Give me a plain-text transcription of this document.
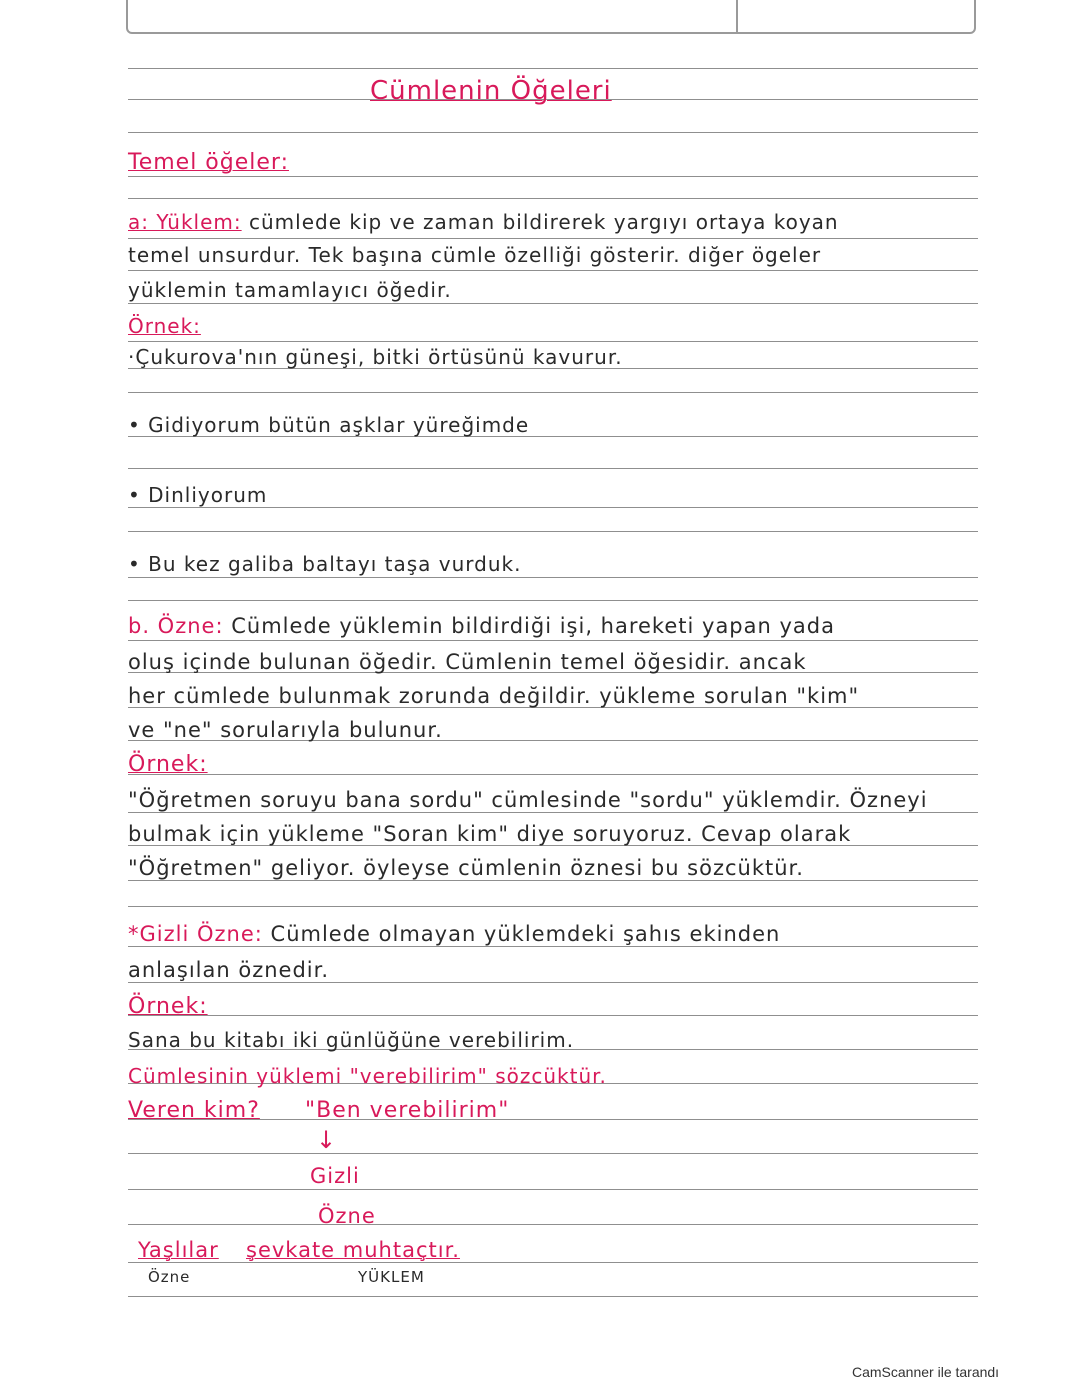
Cümlenin Öğeleri
Temel öğeler:
a: Yüklem: cümlede kip ve zaman bildirerek yargıyı ortaya koyan
temel unsurdur. Tek başına cümle özelliği gösterir. diğer ögeler
yüklemin tamamlayıcı öğedir.
Örnek:
·Çukurova'nın güneşi, bitki örtüsünü kavurur.
• Gidiyorum bütün aşklar yüreğimde
• Dinliyorum
• Bu kez galiba baltayı taşa vurduk.
b. Özne: Cümlede yüklemin bildirdiği işi, hareketi yapan yada
oluş içinde bulunan öğedir. Cümlenin temel öğesidir. ancak
her cümlede bulunmak zorunda değildir. yükleme sorulan "kim"
ve "ne" sorularıyla bulunur.
Örnek:
"Öğretmen soruyu bana sordu" cümlesinde "sordu" yüklemdir. Özneyi
bulmak için yükleme "Soran kim" diye soruyoruz. Cevap olarak
"Öğretmen" geliyor. öyleyse cümlenin öznesi bu sözcüktür.
*Gizli Özne: Cümlede olmayan yüklemdeki şahıs ekinden
anlaşılan öznedir.
Örnek:
Sana bu kitabı iki günlüğüne verebilirim.
Cümlesinin yüklemi "verebilirim" sözcüktür.
Veren kim? "Ben verebilirim"
↓
Gizli
Özne
Yaşlılar şevkate muhtaçtır.
Özne	YÜKLEM
CamScanner ile tarandı
